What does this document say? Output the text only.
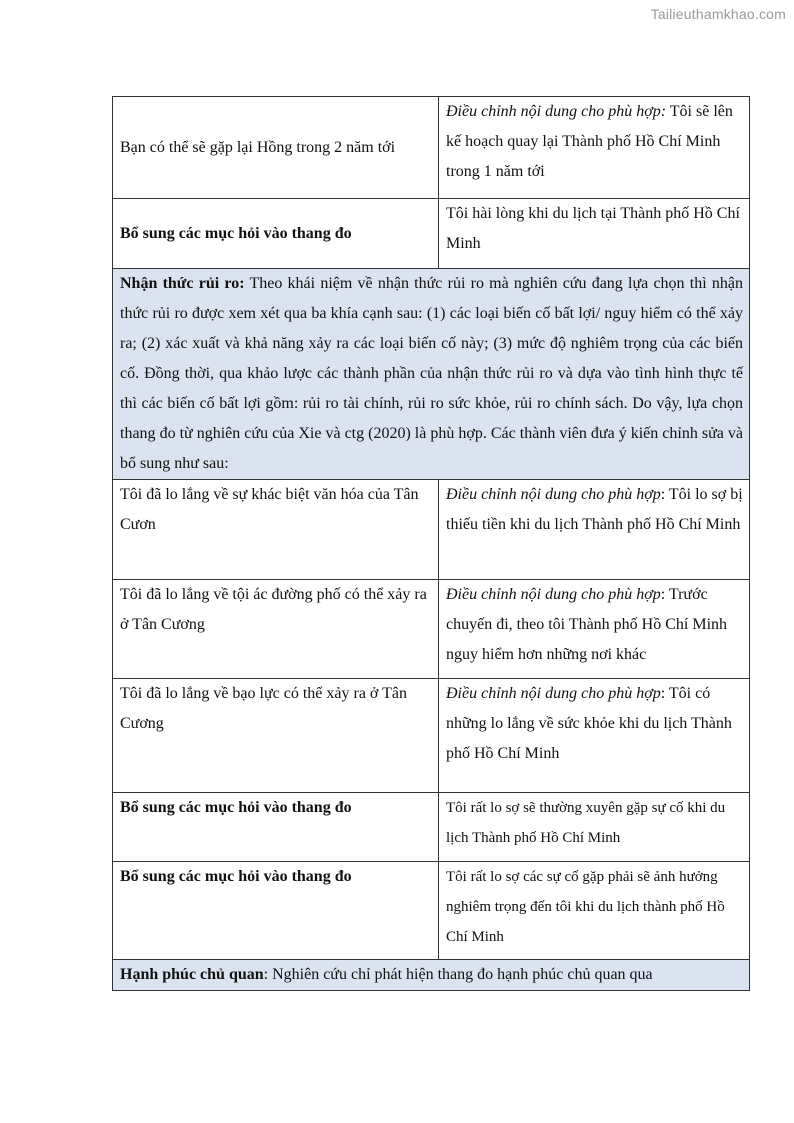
Tailieuthamkhao.com
Bạn có thể sẽ gặp lại Hồng trong 2 năm tới	Điều chỉnh nội dung cho phù hợp: Tôi sẽ lên kế hoạch quay lại Thành phố Hồ Chí Minh trong 1 năm tới
Bổ sung các mục hỏi vào thang đo	Tôi hài lòng khi du lịch tại Thành phố Hồ Chí Minh
Nhận thức rủi ro: Theo khái niệm về nhận thức rủi ro mà nghiên cứu đang lựa chọn thì nhận thức rủi ro được xem xét qua ba khía cạnh sau: (1) các loại biến cố bất lợi/ nguy hiểm có thể xảy ra; (2) xác xuất và khả năng xảy ra các loại biến cố này; (3) mức độ nghiêm trọng của các biến cố. Đồng thời, qua khảo lược các thành phần của nhận thức rủi ro và dựa vào tình hình thực tế thì các biến cố bất lợi gồm: rủi ro tài chính, rủi ro sức khỏe, rủi ro chính sách. Do vậy, lựa chọn thang đo từ nghiên cứu của Xie và ctg (2020) là phù hợp. Các thành viên đưa ý kiến chỉnh sửa và bổ sung như sau:	
Tôi đã lo lắng về sự khác biệt văn hóa của Tân Cươn	Điều chỉnh nội dung cho phù hợp: Tôi lo sợ bị thiếu tiền khi du lịch Thành phố Hồ Chí Minh
Tôi đã lo lắng về tội ác đường phố có thể xảy ra ở Tân Cương	Điều chỉnh nội dung cho phù hợp: Trước chuyến đi, theo tôi Thành phố Hồ Chí Minh nguy hiểm hơn những nơi khác
Tôi đã lo lắng về bạo lực có thể xảy ra ở Tân Cương	Điều chỉnh nội dung cho phù hợp: Tôi có những lo lắng về sức khỏe khi du lịch Thành phố Hồ Chí Minh
Bổ sung các mục hỏi vào thang đo	Tôi rất lo sợ sẽ thường xuyên gặp sự cố khi du lịch Thành phố Hồ Chí Minh
Bổ sung các mục hỏi vào thang đo	Tôi rất lo sợ các sự cố gặp phải sẽ ảnh hưởng nghiêm trọng đến tôi khi du lịch thành phố Hồ Chí Minh
Hạnh phúc chủ quan: Nghiên cứu chỉ phát hiện thang đo hạnh phúc chủ quan qua	
